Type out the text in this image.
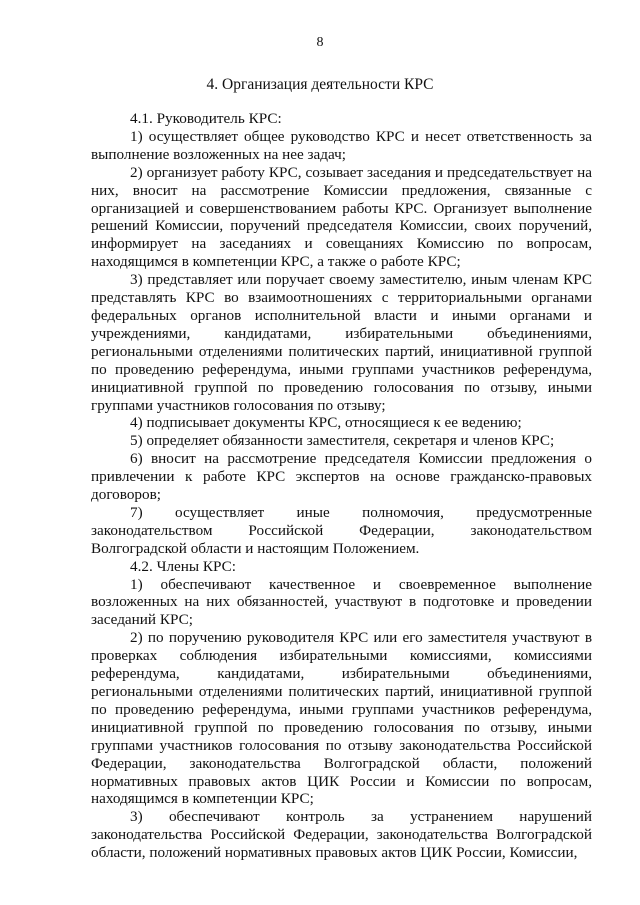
8
4. Организация деятельности КРС

4.1. Руководитель КРС:

1) осуществляет общее руководство КРС и несет ответственность за выполнение возложенных на нее задач;

2) организует работу КРС, созывает заседания и председательствует на них, вносит на рассмотрение Комиссии предложения, связанные с организацией и совершенствованием работы КРС. Организует выполнение решений Комиссии, поручений председателя Комиссии, своих поручений, информирует на заседаниях и совещаниях Комиссию по вопросам, находящимся в компетенции КРС, а также о работе КРС;

3) представляет или поручает своему заместителю, иным членам КРС представлять КРС во взаимоотношениях с территориальными органами федеральных органов исполнительной власти и иными органами и учреждениями, кандидатами, избирательными объединениями, региональными отделениями политических партий, инициативной группой по проведению референдума, иными группами участников референдума, инициативной группой по проведению голосования по отзыву, иными группами участников голосования по отзыву;

4) подписывает документы КРС, относящиеся к ее ведению;

5) определяет обязанности заместителя, секретаря и членов КРС;

6) вносит на рассмотрение председателя Комиссии предложения о привлечении к работе КРС экспертов на основе гражданско-правовых договоров;

7) осуществляет иные полномочия, предусмотренные законодательством Российской Федерации, законодательством Волгоградской области и настоящим Положением.

4.2. Члены КРС:

1) обеспечивают качественное и своевременное выполнение возложенных на них обязанностей, участвуют в подготовке и проведении заседаний КРС;

2) по поручению руководителя КРС или его заместителя участвуют в проверках соблюдения избирательными комиссиями, комиссиями референдума, кандидатами, избирательными объединениями, региональными отделениями политических партий, инициативной группой по проведению референдума, иными группами участников референдума, инициативной группой по проведению голосования по отзыву, иными группами участников голосования по отзыву законодательства Российской Федерации, законодательства Волгоградской области, положений нормативных правовых актов ЦИК России и Комиссии по вопросам, находящимся в компетенции КРС;

3) обеспечивают контроль за устранением нарушений законодательства Российской Федерации, законодательства Волгоградской области, положений нормативных правовых актов ЦИК России, Комиссии,
